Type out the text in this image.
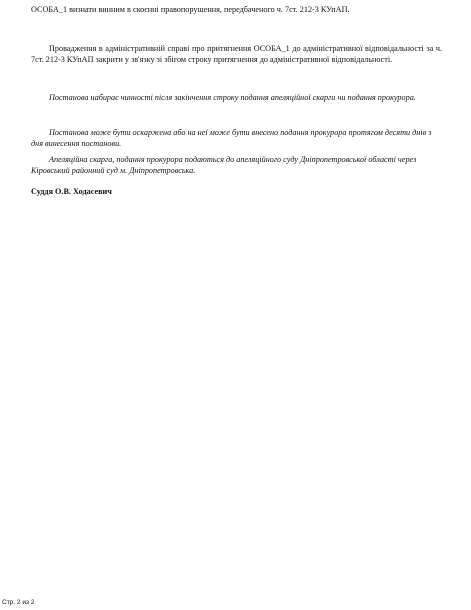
ОСОБА_1 визнати винним в скоєнні правопорушення, передбаченого ч. 7ст. 212-3 КУпАП.
Провадження в адміністративній справі про притягнення ОСОБА_1 до адміністративної відповідальності за ч. 7ст. 212-3 КУпАП закрити у зв'язку зі збігом строку притягнення до адміністративної відповідальності.
Постанова набирає чинності після закінчення строку подання апеляційної скарги чи подання прокурора.
Постанова може бути оскаржена або на неї може бути внесено подання прокурора протягом десяти днів з дня винесення постанови.
Апеляційна скарга, подання прокурора подаються до апеляційного суду Дніпропетровської області через Кіровський районний суд м. Дніпропетровська.
Суддя О.В. Ходасевич
Стр. 2 из 2
